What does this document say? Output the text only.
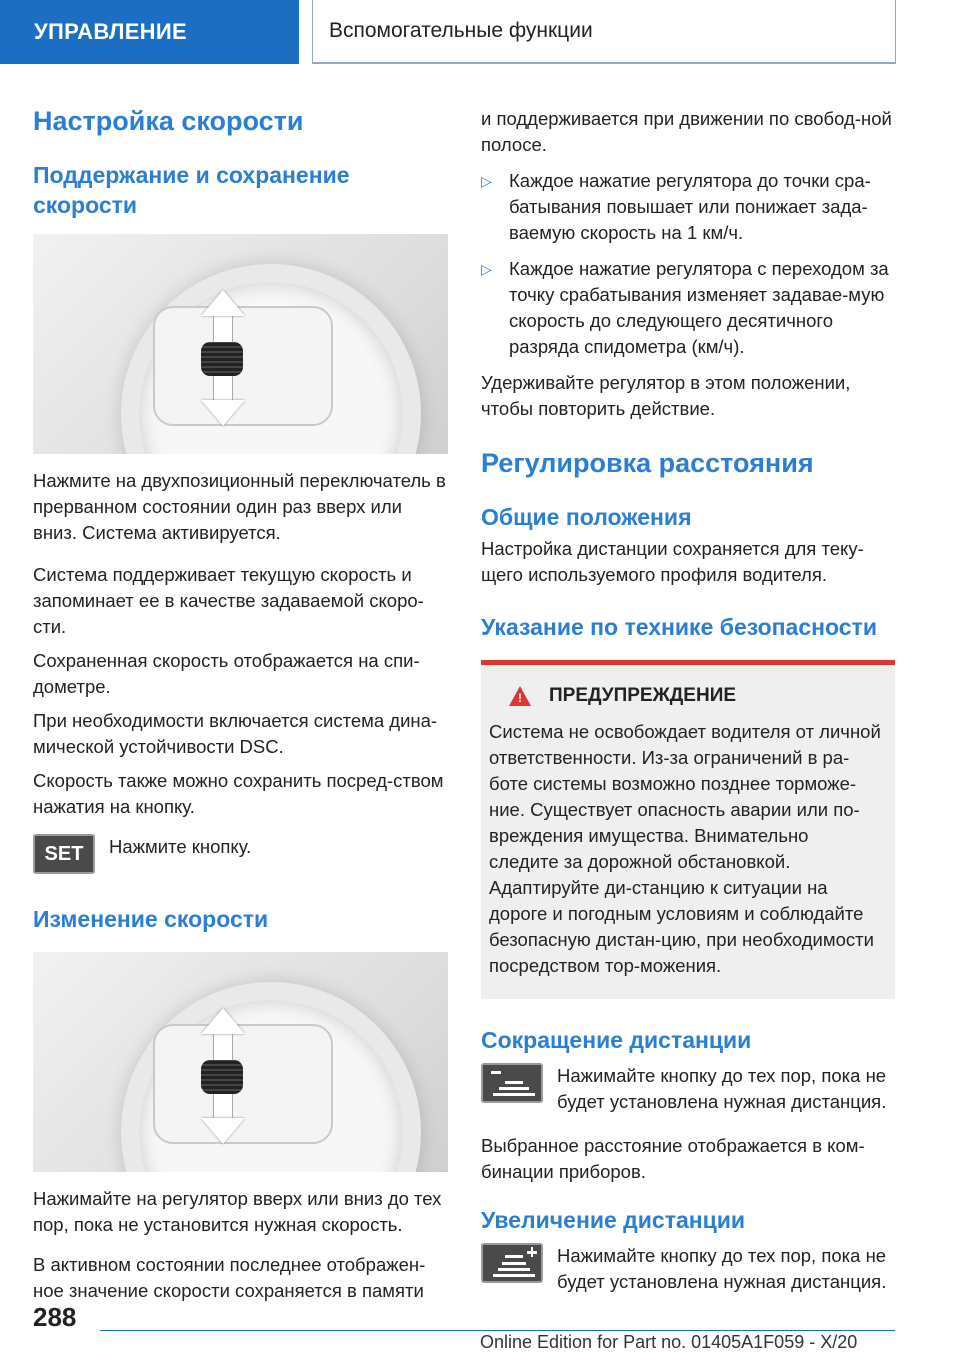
УПРАВЛЕНИЕ	Вспомогательные функции
Настройка скорости
Поддержание и сохранение скорости

Нажмите на двухпозиционный переключатель в прерванном состоянии один раз вверх или вниз. Система активируется.

Система поддерживает текущую скорость и запоминает ее в качестве задаваемой скоро-сти.

Сохраненная скорость отображается на спи-дометре.

При необходимости включается система дина-мической устойчивости DSC.

Скорость также можно сохранить посред-ством нажатия на кнопку.

SET	Нажмите кнопку.
Изменение скорости

Нажимайте на регулятор вверх или вниз до тех пор, пока не установится нужная скорость.

В активном состоянии последнее отображен-ное значение скорости сохраняется в памяти

и поддерживается при движении по свобод-ной полосе.

▷ Каждое нажатие регулятора до точки сра-батывания повышает или понижает зада-ваемую скорость на 1 км/ч.
▷ Каждое нажатие регулятора с переходом за точку срабатывания изменяет задавае-мую скорость до следующего десятичного разряда спидометра (км/ч).

Удерживайте регулятор в этом положении, чтобы повторить действие.

Регулировка расстояния
Общие положения

Настройка дистанции сохраняется для теку-щего используемого профиля водителя.

Указание по технике безопасности
! ПРЕДУПРЕЖДЕНИЕ

Система не освобождает водителя от личной ответственности. Из-за ограничений в ра-боте системы возможно позднее торможе-ние. Существует опасность аварии или по-вреждения имущества. Внимательно следите за дорожной обстановкой. Адаптируйте ди-станцию к ситуации на дороге и погодным условиям и соблюдайте безопасную дистан-цию, при необходимости посредством тор-можения.

Сокращение дистанции
Нажимайте кнопку до тех пор, пока не будет установлена нужная дистанция.

Выбранное расстояние отображается в ком-бинации приборов.

Увеличение дистанции
Нажимайте кнопку до тех пор, пока не будет установлена нужная дистанция.
288
Online Edition for Part no. 01405A1F059 - X/20
